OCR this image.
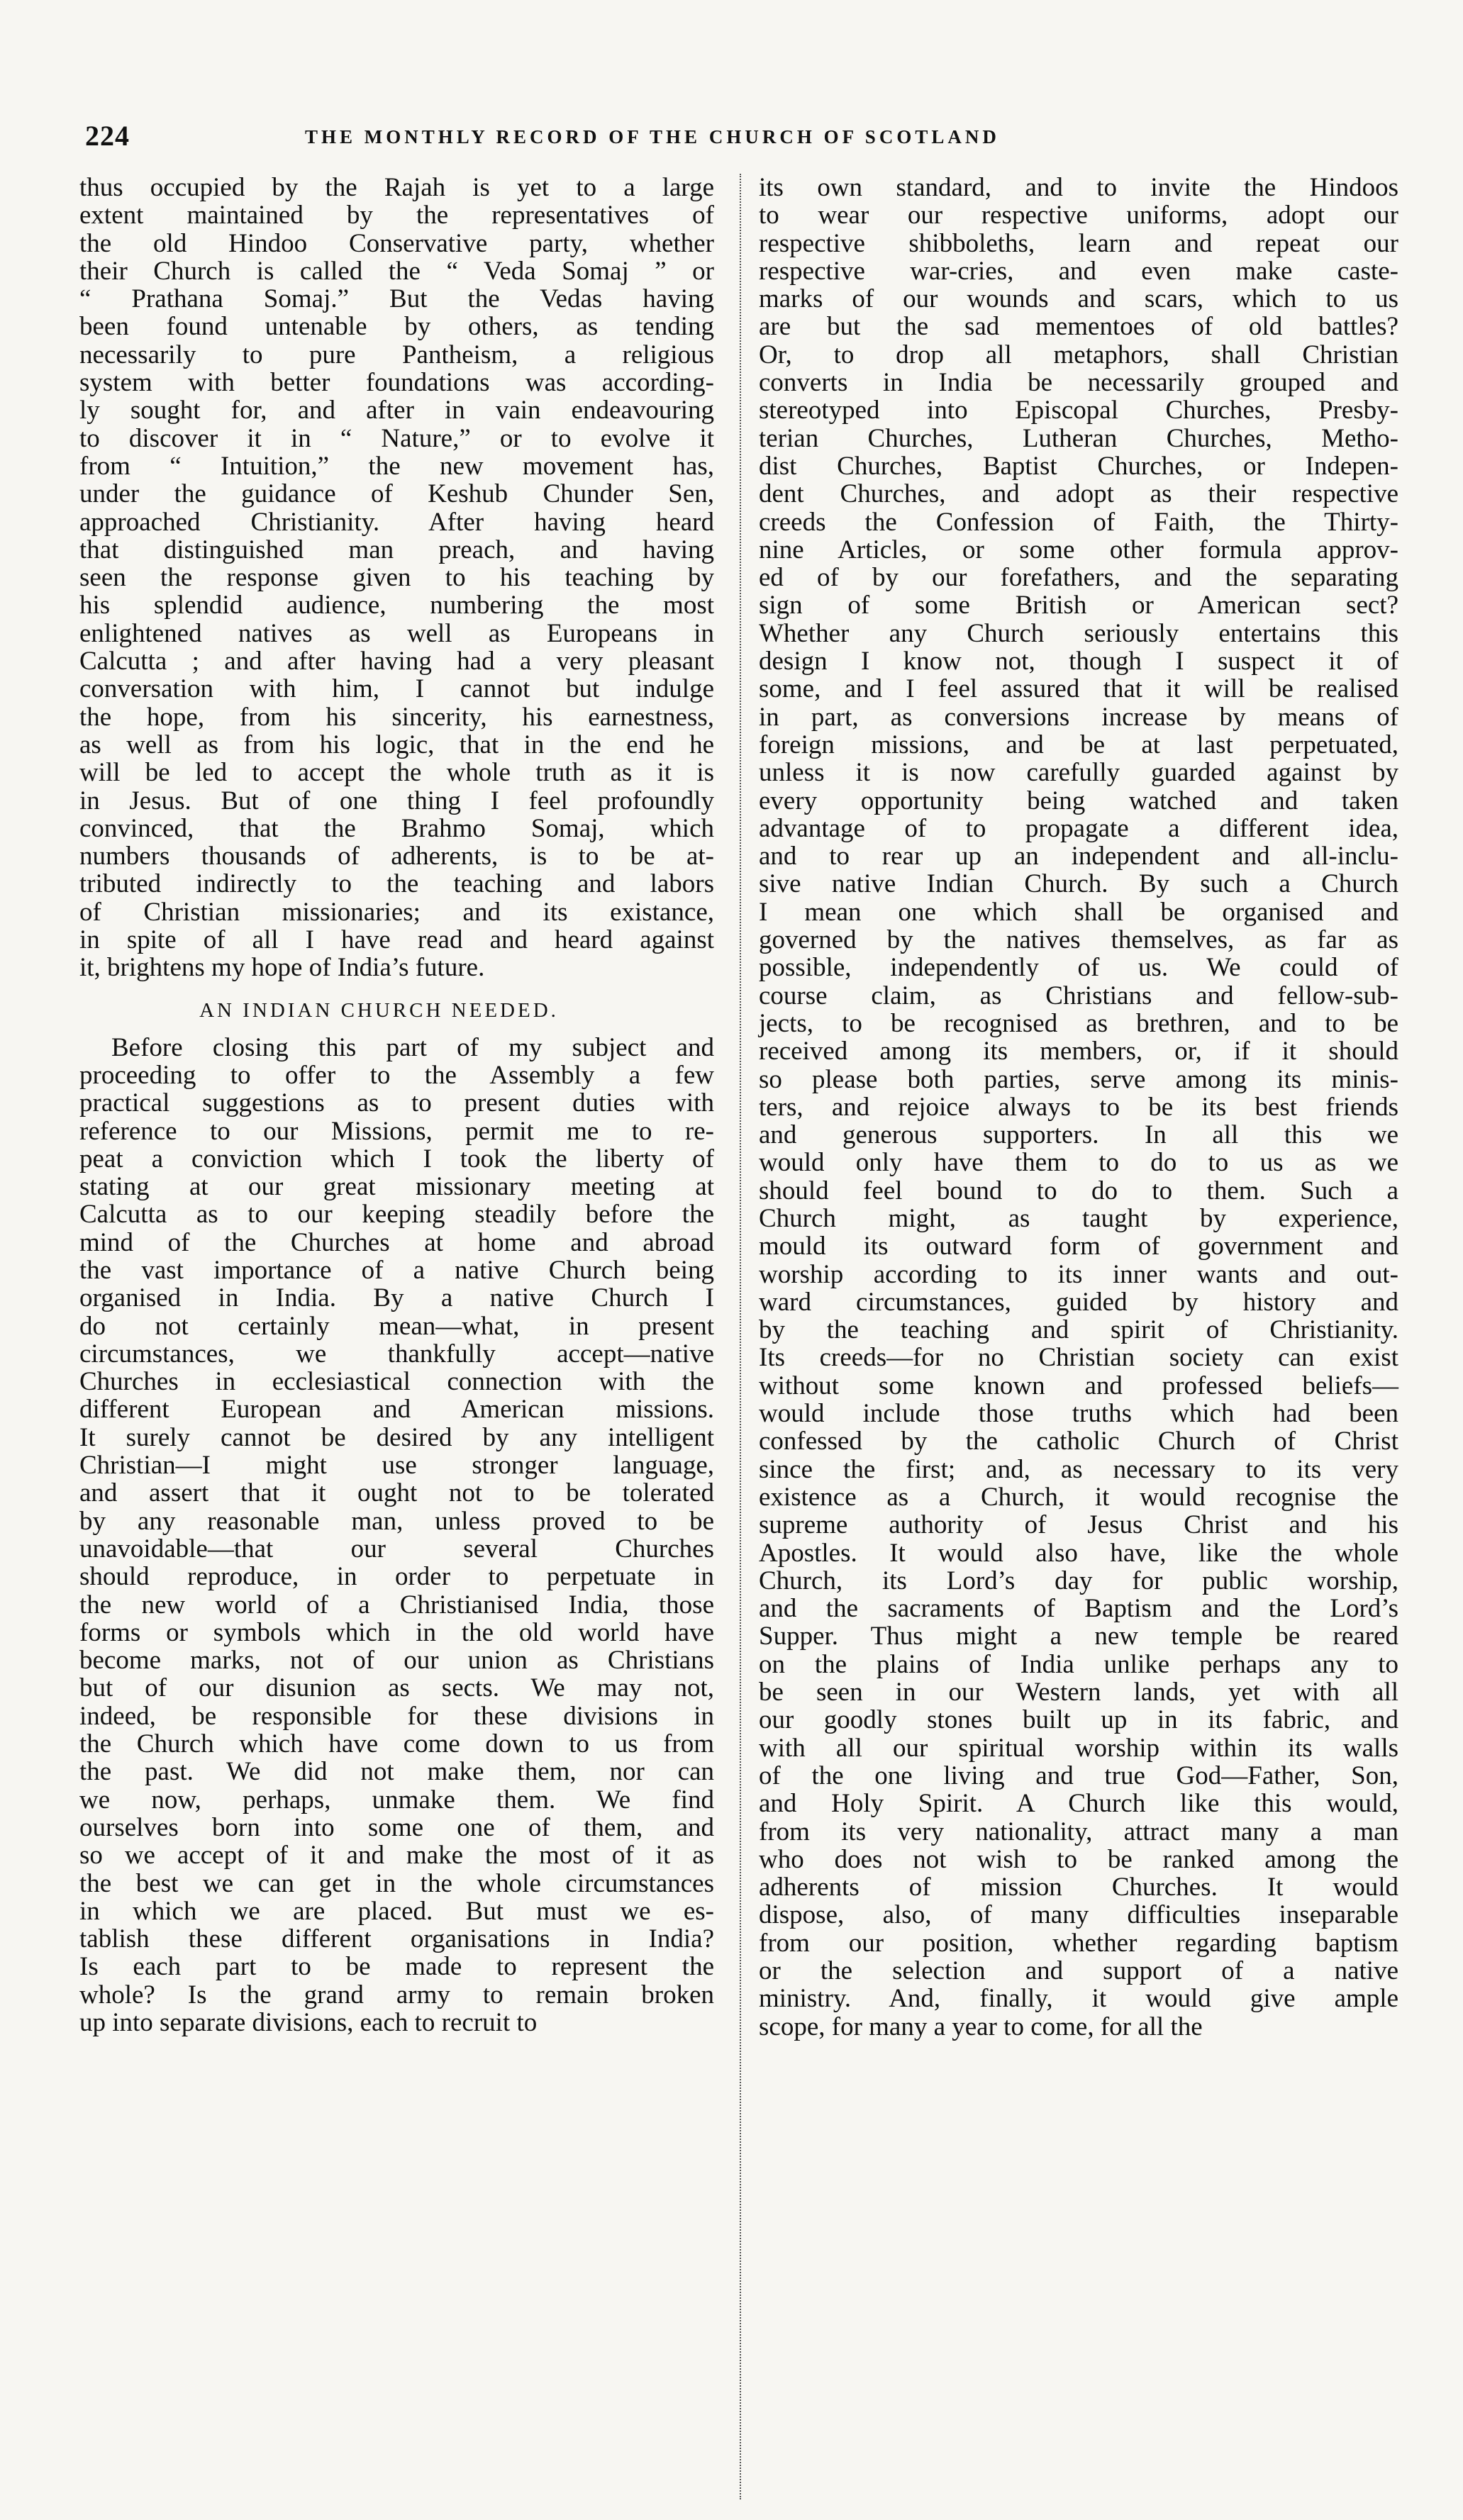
224	THE MONTHLY RECORD OF THE CHURCH OF SCOTLAND
thus occupied by the Rajah is yet to a large
extent maintained by the representatives of
the old Hindoo Conservative party, whether
their Church is called the “ Veda Somaj ” or
“ Prathana Somaj.” But the Vedas having
been found untenable by others, as tending
necessarily to pure Pantheism, a religious
system with better foundations was according-
ly sought for, and after in vain endeavouring
to discover it in “ Nature,” or to evolve it
from “ Intuition,” the new movement has,
under the guidance of Keshub Chunder Sen,
approached Christianity. After having heard
that distinguished man preach, and having
seen the response given to his teaching by
his splendid audience, numbering the most
enlightened natives as well as Europeans in
Calcutta ; and after having had a very pleasant
conversation with him, I cannot but indulge
the hope, from his sincerity, his earnestness,
as well as from his logic, that in the end he
will be led to accept the whole truth as it is
in Jesus. But of one thing I feel profoundly
convinced, that the Brahmo Somaj, which
numbers thousands of adherents, is to be at-
tributed indirectly to the teaching and labors
of Christian missionaries; and its existance,
in spite of all I have read and heard against
it, brightens my hope of India’s future.
AN INDIAN CHURCH NEEDED.
Before closing this part of my subject and
proceeding to offer to the Assembly a few
practical suggestions as to present duties with
reference to our Missions, permit me to re-
peat a conviction which I took the liberty of
stating at our great missionary meeting at
Calcutta as to our keeping steadily before the
mind of the Churches at home and abroad
the vast importance of a native Church being
organised in India. By a native Church I
do not certainly mean—what, in present
circumstances, we thankfully accept—native
Churches in ecclesiastical connection with the
different European and American missions.
It surely cannot be desired by any intelligent
Christian—I might use stronger language,
and assert that it ought not to be tolerated
by any reasonable man, unless proved to be
unavoidable—that our several Churches
should reproduce, in order to perpetuate in
the new world of a Christianised India, those
forms or symbols which in the old world have
become marks, not of our union as Christians
but of our disunion as sects. We may not,
indeed, be responsible for these divisions in
the Church which have come down to us from
the past. We did not make them, nor can
we now, perhaps, unmake them. We find
ourselves born into some one of them, and
so we accept of it and make the most of it as
the best we can get in the whole circumstances
in which we are placed. But must we es-
tablish these different organisations in India?
Is each part to be made to represent the
whole? Is the grand army to remain broken
up into separate divisions, each to recruit to
its own standard, and to invite the Hindoos
to wear our respective uniforms, adopt our
respective shibboleths, learn and repeat our
respective war-cries, and even make caste-
marks of our wounds and scars, which to us
are but the sad mementoes of old battles?
Or, to drop all metaphors, shall Christian
converts in India be necessarily grouped and
stereotyped into Episcopal Churches, Presby-
terian Churches, Lutheran Churches, Metho-
dist Churches, Baptist Churches, or Indepen-
dent Churches, and adopt as their respective
creeds the Confession of Faith, the Thirty-
nine Articles, or some other formula approv-
ed of by our forefathers, and the separating
sign of some British or American sect?
Whether any Church seriously entertains this
design I know not, though I suspect it of
some, and I feel assured that it will be realised
in part, as conversions increase by means of
foreign missions, and be at last perpetuated,
unless it is now carefully guarded against by
every opportunity being watched and taken
advantage of to propagate a different idea,
and to rear up an independent and all-inclu-
sive native Indian Church. By such a Church
I mean one which shall be organised and
governed by the natives themselves, as far as
possible, independently of us. We could of
course claim, as Christians and fellow-sub-
jects, to be recognised as brethren, and to be
received among its members, or, if it should
so please both parties, serve among its minis-
ters, and rejoice always to be its best friends
and generous supporters. In all this we
would only have them to do to us as we
should feel bound to do to them. Such a
Church might, as taught by experience,
mould its outward form of government and
worship according to its inner wants and out-
ward circumstances, guided by history and
by the teaching and spirit of Christianity.
Its creeds—for no Christian society can exist
without some known and professed beliefs—
would include those truths which had been
confessed by the catholic Church of Christ
since the first; and, as necessary to its very
existence as a Church, it would recognise the
supreme authority of Jesus Christ and his
Apostles. It would also have, like the whole
Church, its Lord’s day for public worship,
and the sacraments of Baptism and the Lord’s
Supper. Thus might a new temple be reared
on the plains of India unlike perhaps any to
be seen in our Western lands, yet with all
our goodly stones built up in its fabric, and
with all our spiritual worship within its walls
of the one living and true God—Father, Son,
and Holy Spirit. A Church like this would,
from its very nationality, attract many a man
who does not wish to be ranked among the
adherents of mission Churches. It would
dispose, also, of many difficulties inseparable
from our position, whether regarding baptism
or the selection and support of a native
ministry. And, finally, it would give ample
scope, for many a year to come, for all the
